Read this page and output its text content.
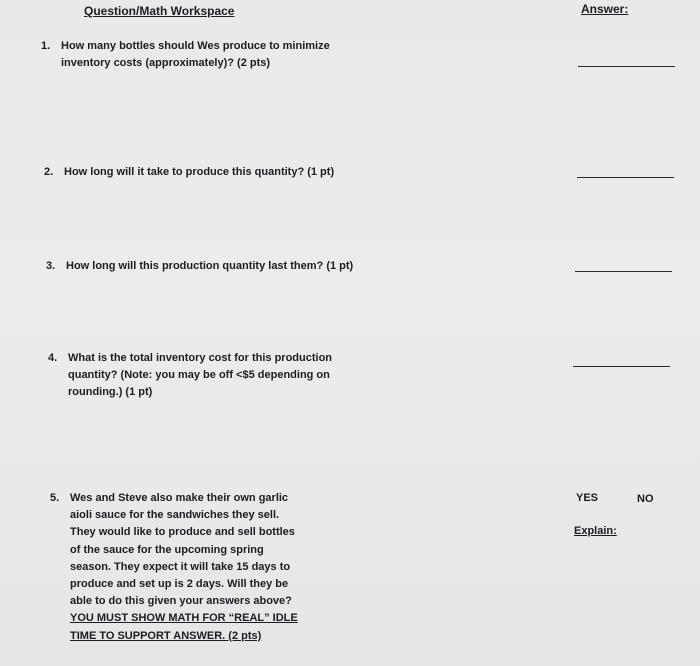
Question/Math Workspace	Answer:
1. How many bottles should Wes produce to minimize
inventory costs (approximately)? (2 pts)
2. How long will it take to produce this quantity? (1 pt)
3. How long will this production quantity last them? (1 pt)
4. What is the total inventory cost for this production
quantity? (Note: you may be off <$5 depending on
rounding.) (1 pt)
5. Wes and Steve also make their own garlic
aioli sauce for the sandwiches they sell.
They would like to produce and sell bottles
of the sauce for the upcoming spring
season. They expect it will take 15 days to
produce and set up is 2 days. Will they be
able to do this given your answers above?
YOU MUST SHOW MATH FOR “REAL” IDLE
TIME TO SUPPORT ANSWER. (2 pts)
YES	NO
Explain:
